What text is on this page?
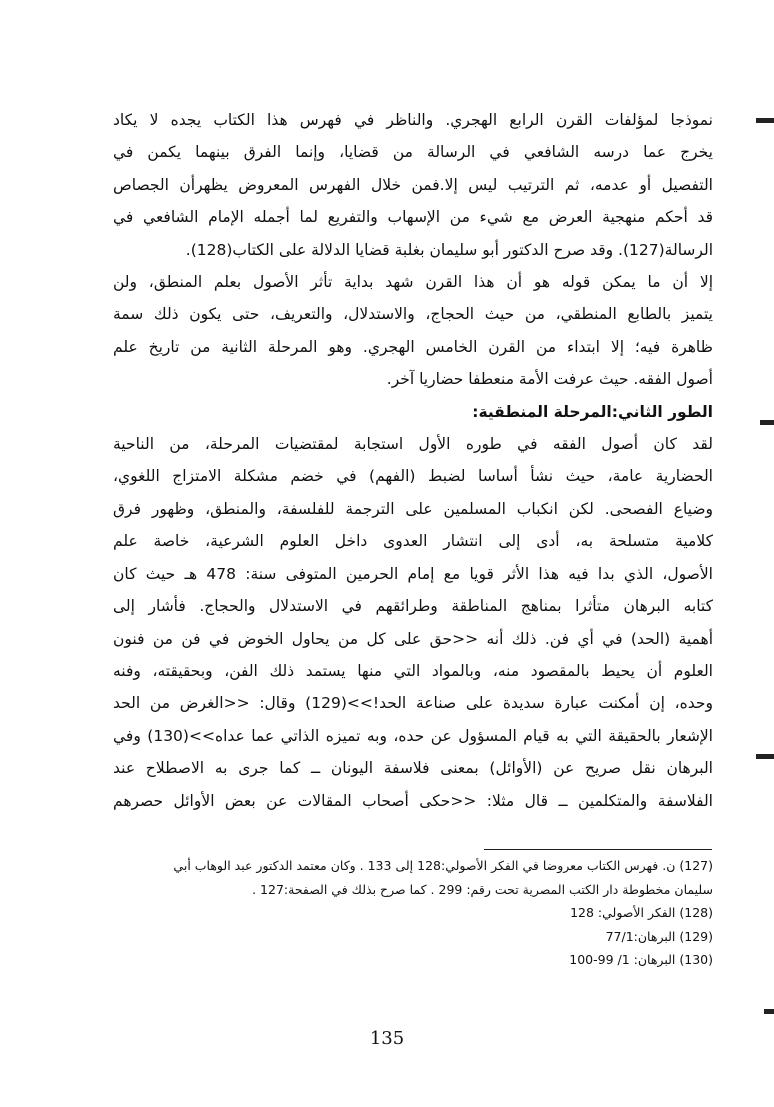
نموذجا لمؤلفات القرن الرابع الهجري. والناظر في فهرس هذا الكتاب يجده لا يكاد

يخرج عما درسه الشافعي في الرسالة من قضايا، وإنما الفرق بينهما يكمن في

التفصيل أو عدمه، ثم الترتيب ليس إلا.فمن خلال الفهرس المعروض يظهرأن الجصاص

قد أحكم منهجية العرض مع شيء من الإسهاب والتفريع لما أجمله الإمام الشافعي في

الرسالة(127). وقد صرح الدكتور أبو سليمان بغلبة قضايا الدلالة على الكتاب(128).

إلا أن ما يمكن قوله هو أن هذا القرن شهد بداية تأثر الأصول بعلم المنطق، ولن

يتميز بالطابع المنطقي، من حيث الحجاج، والاستدلال، والتعريف، حتى يكون ذلك سمة

ظاهرة فيه؛ إلا ابتداء من القرن الخامس الهجري. وهو المرحلة الثانية من تاريخ علم

أصول الفقه. حيث عرفت الأمة منعطفا حضاريا آخر.

الطور الثاني:المرحلة المنطقية:

لقد كان أصول الفقه في طوره الأول استجابة لمقتضيات المرحلة، من الناحية

الحضارية عامة، حيث نشأ أساسا لضبط (الفهم) في خضم مشكلة الامتزاج اللغوي،

وضياع الفصحى. لكن انكباب المسلمين على الترجمة للفلسفة، والمنطق، وظهور فرق

كلامية متسلحة به، أدى إلى انتشار العدوى داخل العلوم الشرعية، خاصة علم

الأصول، الذي بدا فيه هذا الأثر قويا مع إمام الحرمين المتوفى سنة: 478 هـ حيث كان

كتابه البرهان متأثرا بمناهج المناطقة وطرائقهم في الاستدلال والحجاج. فأشار إلى

أهمية (الحد) في أي فن. ذلك أنه <<حق على كل من يحاول الخوض في فن من فنون

العلوم أن يحيط بالمقصود منه، وبالمواد التي منها يستمد ذلك الفن، وبحقيقته، وفنه

وحده، إن أمكنت عبارة سديدة على صناعة الحد!>>(129) وقال: <<الغرض من الحد

الإشعار بالحقيقة التي به قيام المسؤول عن حده، وبه تميزه الذاتي عما عداه>>(130) وفي

البرهان نقل صريح عن (الأوائل) بمعنى فلاسفة اليونان ــ كما جرى به الاصطلاح عند

الفلاسفة والمتكلمين ــ قال مثلا: <<حكى أصحاب المقالات عن بعض الأوائل حصرهم

(127) ن. فهرس الكتاب معروضا في الفكر الأصولي:128 إلى 133 . وكان معتمد الدكتور عبد الوهاب أبي

سليمان مخطوطة دار الكتب المصرية تحت رقم: 299 . كما صرح بذلك في الصفحة:127 .

(128) الفكر الأصولي: 128

(129) البرهان:77/1

(130) البرهان: 1/ 99-100

135
